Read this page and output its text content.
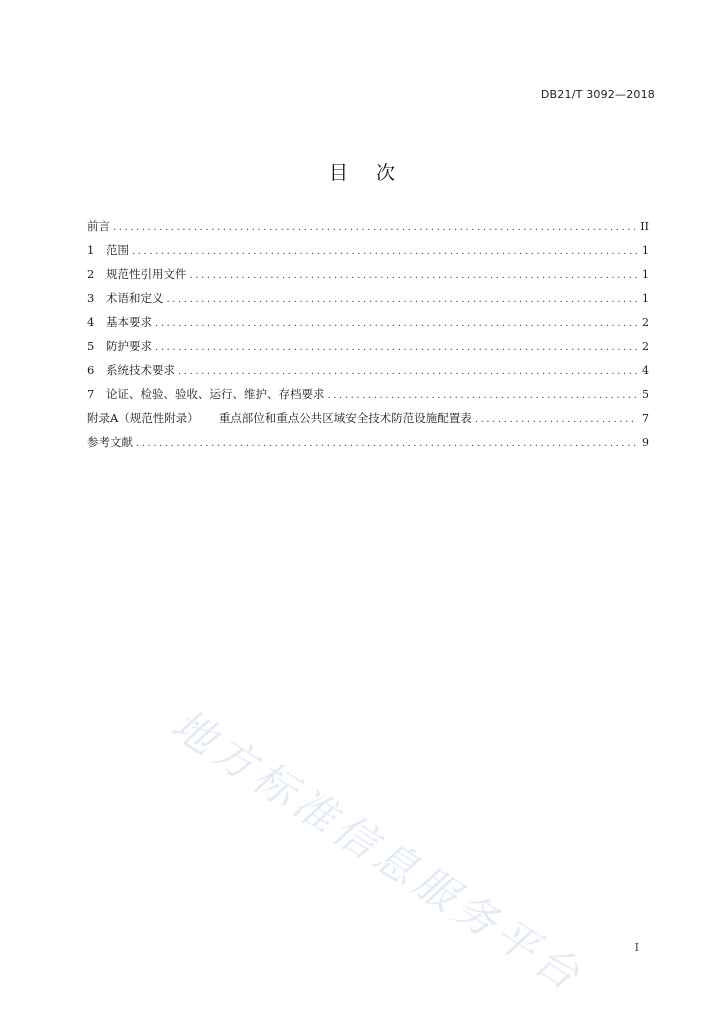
DB21/T 3092—2018
目次
前言 .....	II
1	范围 .....	1
2	规范性引用文件 .....	1
3	术语和定义 .....	1
4	基本要求 .....	2
5	防护要求 .....	2
6	系统技术要求 .....	4
7	论证、检验、验收、运行、维护、存档要求 .....	5
附录A（规范性附录） 重点部位和重点公共区域安全技术防范设施配置表 .....	7
参考文献 .....	9
地方标准信息服务平台	I
